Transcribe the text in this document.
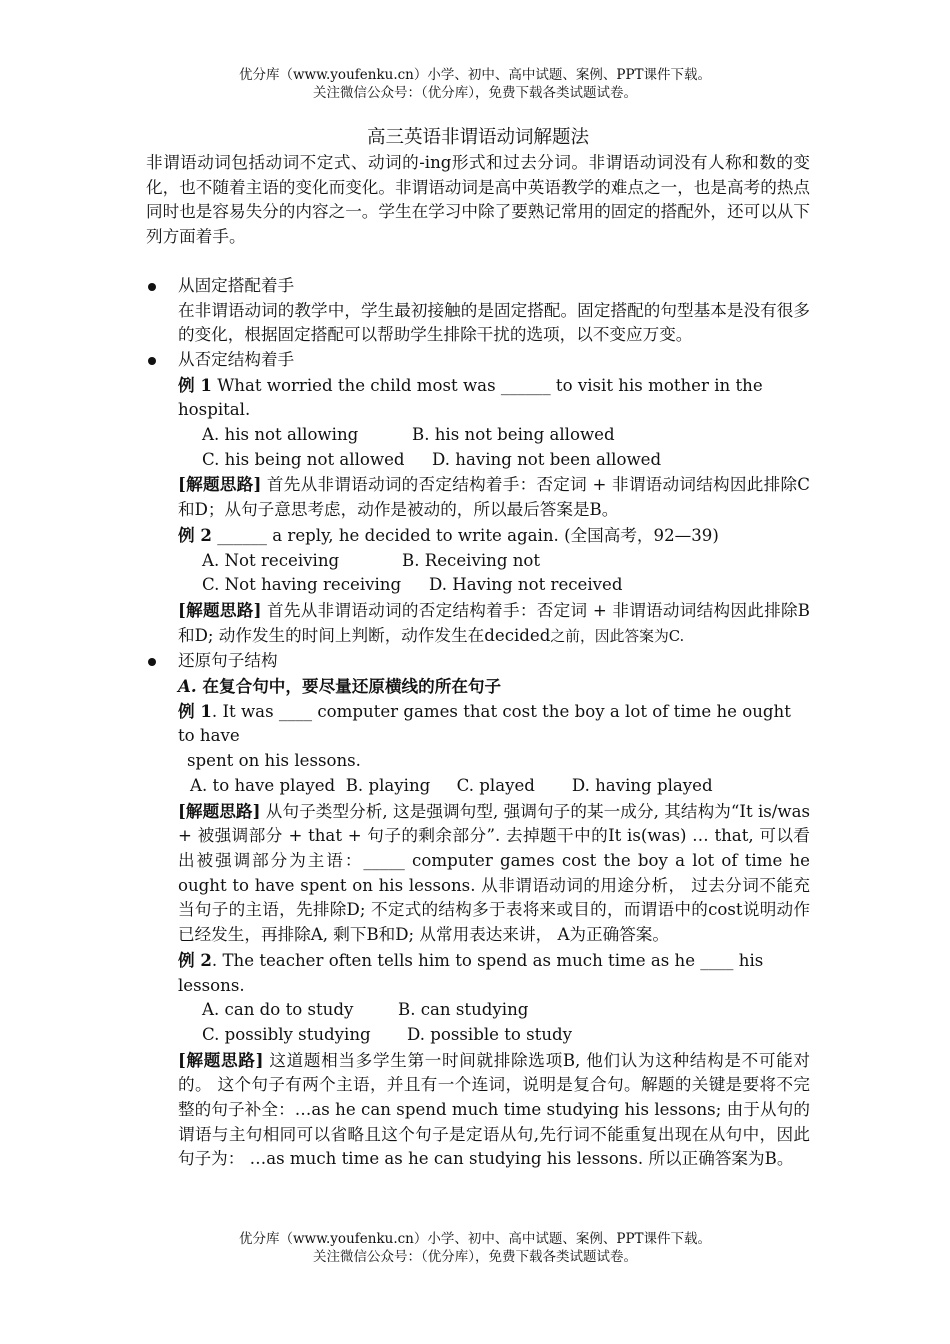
优分库（www.youfenku.cn）小学、初中、高中试题、案例、PPT课件下载。
关注微信公众号：（优分库），免费下载各类试题试卷。
高三英语非谓语动词解题法

非谓语动词包括动词不定式、动词的-ing形式和过去分词。非谓语动词没有人称和数的变化，也不随着主语的变化而变化。非谓语动词是高中英语教学的难点之一，也是高考的热点同时也是容易失分的内容之一。学生在学习中除了要熟记常用的固定的搭配外，还可以从下列方面着手。

从固定搭配着手

在非谓语动词的教学中，学生最初接触的是固定搭配。固定搭配的句型基本是没有很多的变化，根据固定搭配可以帮助学生排除干扰的选项，以不变应万变。

从否定结构着手

例 1 What worried the child most was ______ to visit his mother in the hospital.

A. his not allowing	B. his not being allowed

C. his being not allowed D. having not been allowed

[解题思路] 首先从非谓语动词的否定结构着手：否定词 + 非谓语动词结构因此排除C和D；从句子意思考虑，动作是被动的，所以最后答案是B。

例 2 ______ a reply, he decided to write again. (全国高考，92—39)

A. Not receiving	B. Receiving not

C. Not having receiving D. Having not received

[解题思路] 首先从非谓语动词的否定结构着手：否定词 + 非谓语动词结构因此排除B和D; 动作发生的时间上判断，动作发生在decided之前，因此答案为C.

还原句子结构

A. 在复合句中，要尽量还原横线的所在句子

例 1. It was ____ computer games that cost the boy a lot of time he ought to have

spent on his lessons.

A. to have played  B. playing     C. played       D. having played

[解题思路] 从句子类型分析, 这是强调句型, 强调句子的某一成分, 其结构为“It is/was + 被强调部分 + that + 句子的剩余部分”. 去掉题干中的It is(was) … that, 可以看出被强调部分为主语：_____ computer games cost the boy a lot of time he ought to have spent on his lessons. 从非谓语动词的用途分析， 过去分词不能充当句子的主语，先排除D; 不定式的结构多于表将来或目的，而谓语中的cost说明动作已经发生，再排除A, 剩下B和D; 从常用表达来讲， A为正确答案。

例 2. The teacher often tells him to spend as much time as he ____ his lessons.

A. can do to study	B. can studying

C. possibly studying D. possible to study

[解题思路] 这道题相当多学生第一时间就排除选项B, 他们认为这种结构是不可能对的。 这个句子有两个主语，并且有一个连词，说明是复合句。解题的关键是要将不完整的句子补全：…as he can spend much time studying his lessons; 由于从句的谓语与主句相同可以省略且这个句子是定语从句,先行词不能重复出现在从句中，因此句子为： …as much time as he can studying his lessons. 所以正确答案为B。

优分库（www.youfenku.cn）小学、初中、高中试题、案例、PPT课件下载。
关注微信公众号：（优分库），免费下载各类试题试卷。
